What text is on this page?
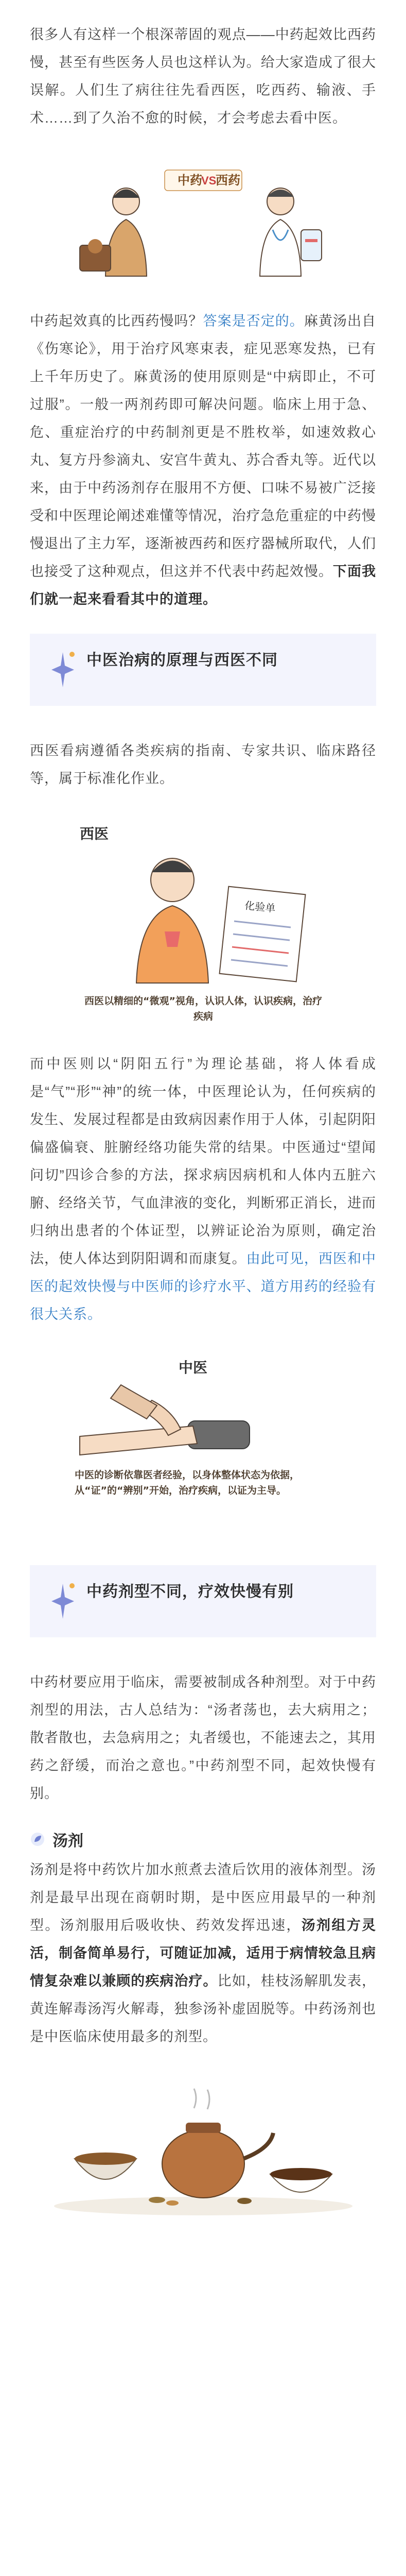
很多人有这样一个根深蒂固的观点——中药起效比西药慢，甚至有些医务人员也这样认为。给大家造成了很大误解。人们生了病往往先看西医，吃西药、输液、手术……到了久治不愈的时候，才会考虑去看中医。

中药
VS
西药

中药起效真的比西药慢吗？答案是否定的。麻黄汤出自《伤寒论》，用于治疗风寒束表，症见恶寒发热，已有上千年历史了。麻黄汤的使用原则是“中病即止，不可过服”。一般一两剂药即可解决问题。临床上用于急、危、重症治疗的中药制剂更是不胜枚举，如速效救心丸、复方丹参滴丸、安宫牛黄丸、苏合香丸等。近代以来，由于中药汤剂存在服用不方便、口味不易被广泛接受和中医理论阐述难懂等情况，治疗急危重症的中药慢慢退出了主力军，逐渐被西药和医疗器械所取代，人们也接受了这种观点，但这并不代表中药起效慢。下面我们就一起来看看其中的道理。

中医治病的原理与西医不同

西医看病遵循各类疾病的指南、专家共识、临床路径等，属于标准化作业。

西医
化验单
西医以精细的“微观”视角，认识人体，认识疾病，治疗疾病

而中医则以“阴阳五行”为理论基础，将人体看成是“气”“形”“神”的统一体，中医理论认为，任何疾病的发生、发展过程都是由致病因素作用于人体，引起阴阳偏盛偏衰、脏腑经络功能失常的结果。中医通过“望闻问切”四诊合参的方法，探求病因病机和人体内五脏六腑、经络关节，气血津液的变化，判断邪正消长，进而归纳出患者的个体证型，以辨证论治为原则，确定治法，使人体达到阴阳调和而康复。由此可见，西医和中医的起效快慢与中医师的诊疗水平、道方用药的经验有很大关系。

中医
中医的诊断依靠医者经验，以身体整体状态为依据，从“证”的“辨别”开始，治疗疾病，以证为主导。
中药剂型不同，疗效快慢有别

中药材要应用于临床，需要被制成各种剂型。对于中药剂型的用法，古人总结为：“汤者荡也，去大病用之；散者散也，去急病用之；丸者缓也，不能速去之，其用药之舒缓，而治之意也。”中药剂型不同，起效快慢有别。

汤剂

汤剂是将中药饮片加水煎煮去渣后饮用的液体剂型。汤剂是最早出现在商朝时期，是中医应用最早的一种剂型。汤剂服用后吸收快、药效发挥迅速，汤剂组方灵活，制备简单易行，可随证加减，适用于病情较急且病情复杂难以兼顾的疾病治疗。比如，桂枝汤解肌发表，黄连解毒汤泻火解毒，独参汤补虚固脱等。中药汤剂也是中医临床使用最多的剂型。
